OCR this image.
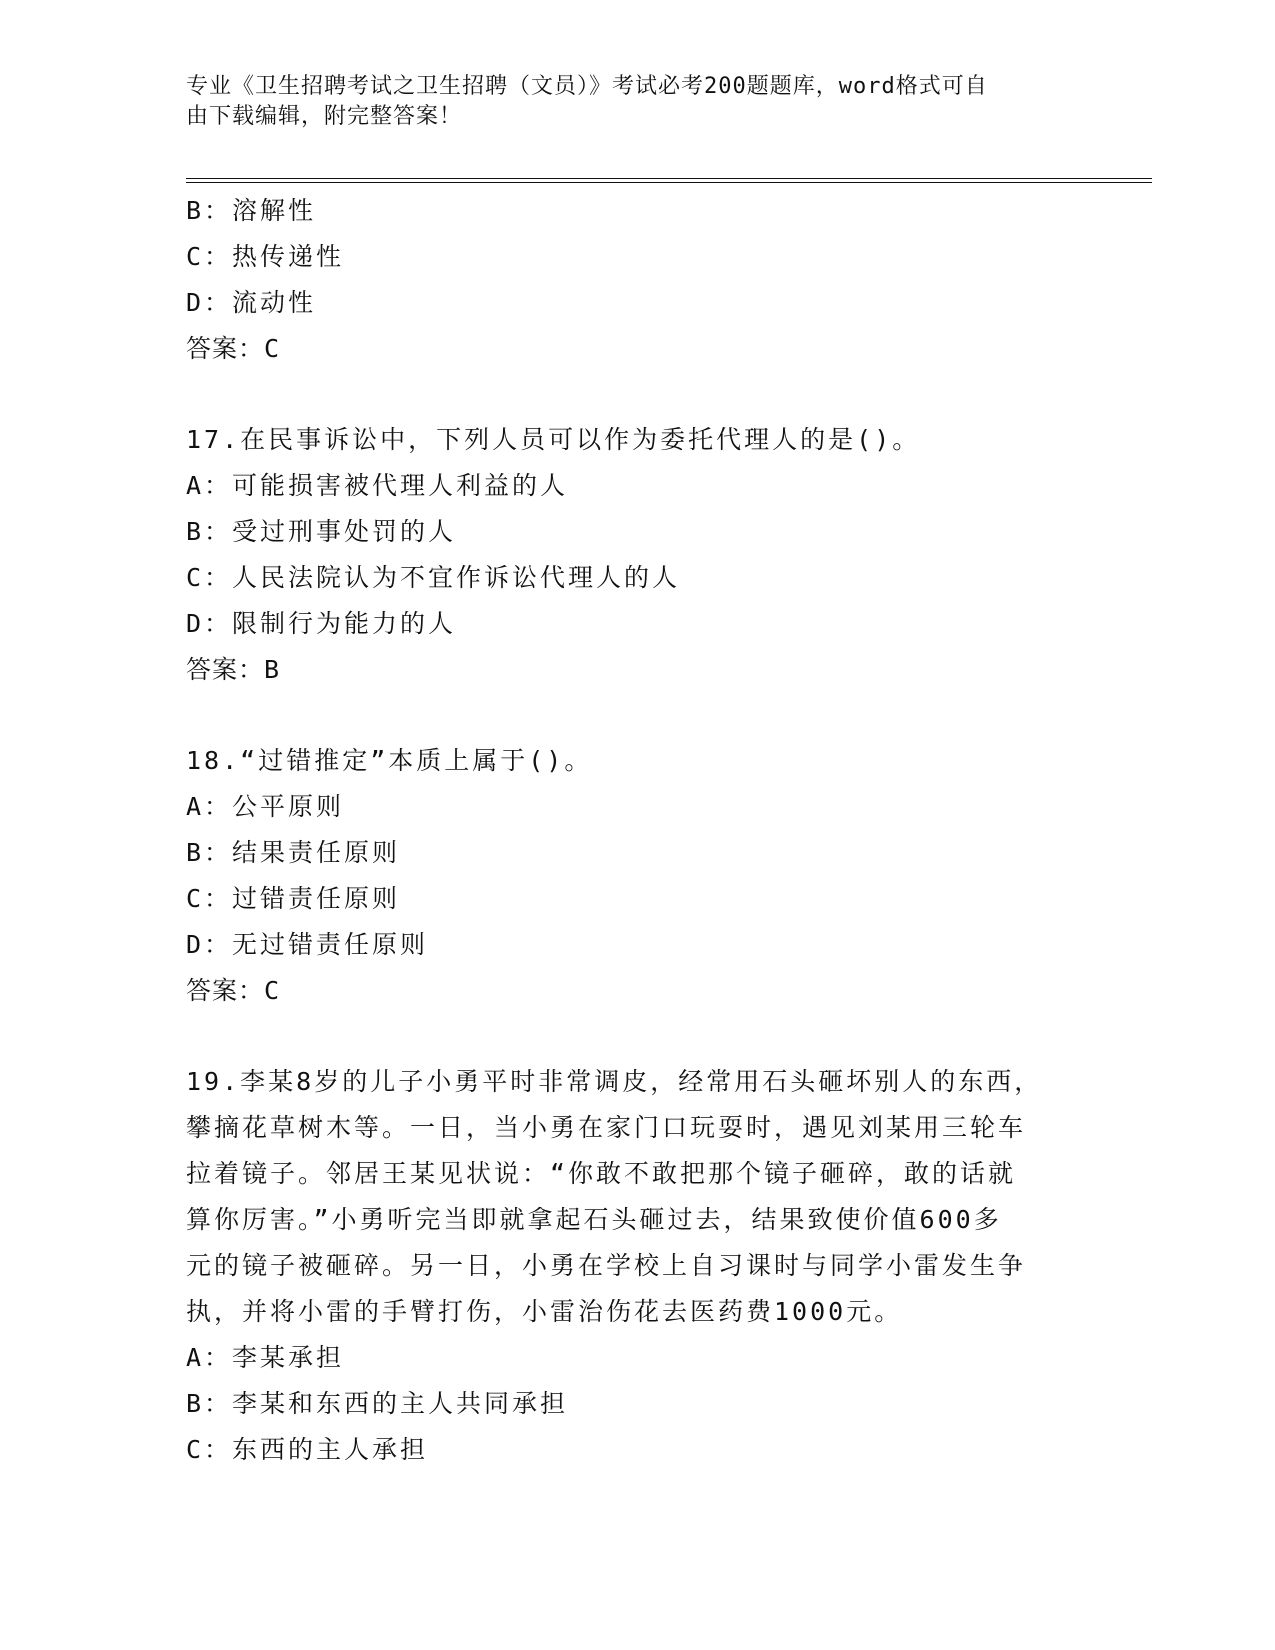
专业《卫生招聘考试之卫生招聘（文员）》考试必考200题题库，word格式可自
由下载编辑，附完整答案！
B：溶解性
C：热传递性
D：流动性
答案：C
17.在民事诉讼中，下列人员可以作为委托代理人的是()。
A：可能损害被代理人利益的人
B：受过刑事处罚的人
C：人民法院认为不宜作诉讼代理人的人
D：限制行为能力的人
答案：B
18.“过错推定”本质上属于()。
A：公平原则
B：结果责任原则
C：过错责任原则
D：无过错责任原则
答案：C
19.李某8岁的儿子小勇平时非常调皮，经常用石头砸坏别人的东西，
攀摘花草树木等。一日，当小勇在家门口玩耍时，遇见刘某用三轮车
拉着镜子。邻居王某见状说：“你敢不敢把那个镜子砸碎，敢的话就
算你厉害。”小勇听完当即就拿起石头砸过去，结果致使价值600多
元的镜子被砸碎。另一日，小勇在学校上自习课时与同学小雷发生争
执，并将小雷的手臂打伤，小雷治伤花去医药费1000元。
A：李某承担
B：李某和东西的主人共同承担
C：东西的主人承担
